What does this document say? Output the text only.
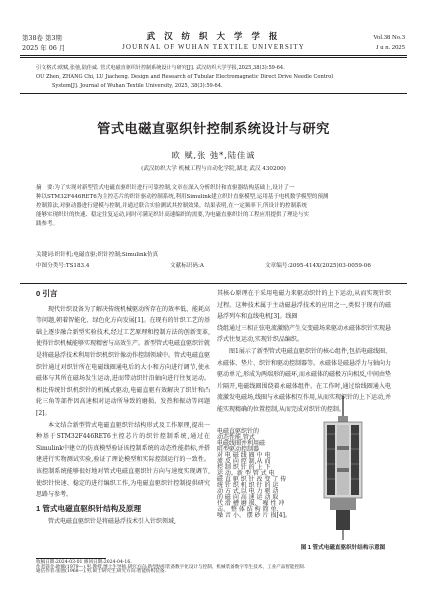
第38卷 第3期
2025 年 06 月
武 汉 纺 织 大 学 学 报
JOURNAL OF WUHAN TEXTILE UNIVERSITY
Vol.38 No.3
J u n. 2025
引文格式:欧赋,张弛,陆佳诚. 管式电磁直驱织针控制系统设计与研究[J]. 武汉纺织大学学报,2025,38(3):59-64.
OU Zhen, ZHANG Chi, LU Jiacheng. Design and Research of Tubular Electromagnetic Direct Drive Needle Control
System[J]. Journal of Wuhan Textile University, 2025, 38(3):59-64.
管式电磁直驱织针控制系统设计与研究
欧 赋,张 弛*,陆佳诚
(武汉纺织大学 机械工程与自动化学院,湖北 武汉 430200)
摘　要:为了实现对新型管式电磁直驱织针进行可靠控制,文章在深入分析织针和直驱器结构基础上,设计了一
种以STM32F446RET6为主控芯片的织针驱动控制系统,利用Simulink建立织针直驱模型,运用基于电机数学模型的预测
控制算法,对驱动器进行建模与控制,并通过联合实验测试其控制效果。结果表明,在一定频率下,所设计的控制系统
能够实现织针的快速、稳定往复运动,同时可满足织针高速编织的需要,为电磁直驱织针的工程应用提供了理论与实
践参考。
关键词:织针机;电磁直驱;织针控制;Simulink仿真
中图分类号:TS183.4	文献标识码:A	文章编号:2095-414X(2025)03-0059-06
0 引言

现代针织设备为了解决传统机械驱动所存在的效率低、能耗高等问题,朝着智能化、绿色化方向发展[1]。在现有的针织工艺的基础上逐步融合新型实验技术,经过工艺原理和控制方法的创新变革,使得针织机械能够实现精密与高效生产。新型管式电磁直驱织针就是将磁悬浮技术利用针织机织针像动作控制领域中。管式电磁直驱织针通过对织针所在电磁线圈通电后的大小和方向进行调节,使永磁体与其所在磁场发生运动,进而带动织针沿轴向进行往复运动。相比传统针织机织针的机械式驱动,电磁直驱有效解决了织针和凸轮三角等部件因高速相对运动所导致的磨损、发热和振动等问题[2]。

本文结合新型管式电磁直驱织针结构形式及工作原理,提出一种基于STM32F446RET6主控芯片的织针控制系统,通过在Simulink中建立的仿真模型验证该控制系统的动态性能指标,并搭建进行实物测试实验,验证了理论模型和实际控制运行的一致性。该控制系统能够很好地对管式电磁直驱织针方向与速度实现调节,使织针快速、稳定的进行编织工作,为电磁直驱织针控制提供研究思路与参考。

1 管式电磁直驱织针结构及原理

管式电磁直驱织针是将磁悬浮技术引入针织领域,

收稿日期:2024-03-01 修回日期:2024-04-16.
作者简介:欧赋(1979—),男,教授,博士生导师,研究方向:新型纺织装备数字化设计与控制、机械装备数字孪生技术、工业产品智能控制.
通信作者:张弛(1968—),男,硕士研究生,研究方向:智能纺织装备.

其核心原理在于采用电磁力来驱动织针的上下运动,从而实现针织过程。这种技术属于主动磁悬浮技术的应用之一,类似于现有的磁悬浮列车和直线电机[3]。线圈

绕组通过三相正弦电流激励产生交变磁场来驱动永磁体织针实现悬浮式往复运动,实现针织品编织。

图1展示了新型管式电磁直驱织针的核心组件,包括电磁线圈、永磁体、垫片、织针和驱动控制器等。永磁体是磁悬浮力与轴向力驱动单元,形成为两端形的磁环,而永磁体的磁极方向相反,中间由垫片隔开,电磁线圈围绕着永磁体组件。在工作时,通过给线圈通入电流激发电磁场,线圈与永磁体相互作用,从而实现织针的上下运动,并能实现精确的位置控制,从而完成对织针的控制。

电磁直驱织针的
动态性能,管式
电磁线圈并利用磁
阻型驱动控制器
对 电 磁 线 圈 中 电
流 反 向 控 制,从 而
控 制 织 针 的 上 下
运 动。新 型 管 式 电
磁 直 驱 织 针 改 变 了 传
统 针 织 机 织 针 的 运
动 方 式,以 电 力 驱 动
的 磁 向 高 速 运 动 取
代 滑 槽 磨 损、 噪 性 冲
击、 整 体 结 构 简 单、
噪 音 小、 摆 砂 片 损[4]。
图 1 管式电磁直驱织针结构示意图
